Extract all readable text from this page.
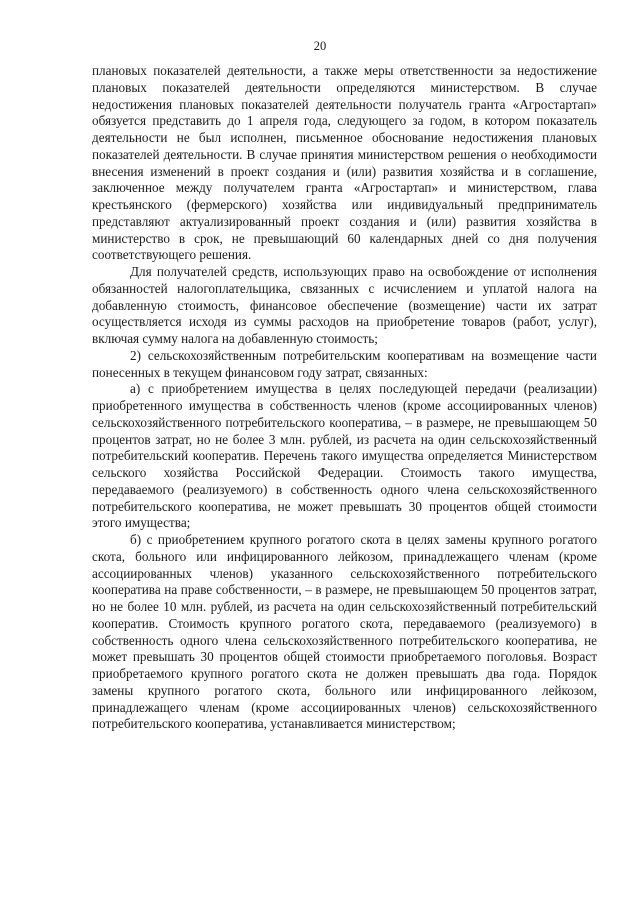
20

плановых показателей деятельности, а также меры ответственности за недостижение плановых показателей деятельности определяются министерством. В случае недостижения плановых показателей деятельности получатель гранта «Агростартап» обязуется представить до 1 апреля года, следующего за годом, в котором показатель деятельности не был исполнен, письменное обоснование недостижения плановых показателей деятельности. В случае принятия министерством решения о необходимости внесения изменений в проект создания и (или) развития хозяйства и в соглашение, заключенное между получателем гранта «Агростартап» и министерством, глава крестьянского (фермерского) хозяйства или индивидуальный предприниматель представляют актуализированный проект создания и (или) развития хозяйства в министерство в срок, не превышающий 60 календарных дней со дня получения соответствующего решения.

Для получателей средств, использующих право на освобождение от исполнения обязанностей налогоплательщика, связанных с исчислением и уплатой налога на добавленную стоимость, финансовое обеспечение (возмещение) части их затрат осуществляется исходя из суммы расходов на приобретение товаров (работ, услуг), включая сумму налога на добавленную стоимость;

2) сельскохозяйственным потребительским кооперативам на возмещение части понесенных в текущем финансовом году затрат, связанных:

а) с приобретением имущества в целях последующей передачи (реализации) приобретенного имущества в собственность членов (кроме ассоциированных членов) сельскохозяйственного потребительского кооператива, – в размере, не превышающем 50 процентов затрат, но не более 3 млн. рублей, из расчета на один сельскохозяйственный потребительский кооператив. Перечень такого имущества определяется Министерством сельского хозяйства Российской Федерации. Стоимость такого имущества, передаваемого (реализуемого) в собственность одного члена сельскохозяйственного потребительского кооператива, не может превышать 30 процентов общей стоимости этого имущества;

б) с приобретением крупного рогатого скота в целях замены крупного рогатого скота, больного или инфицированного лейкозом, принадлежащего членам (кроме ассоциированных членов) указанного сельскохозяйственного потребительского кооператива на праве собственности, – в размере, не превышающем 50 процентов затрат, но не более 10 млн. рублей, из расчета на один сельскохозяйственный потребительский кооператив. Стоимость крупного рогатого скота, передаваемого (реализуемого) в собственность одного члена сельскохозяйственного потребительского кооператива, не может превышать 30 процентов общей стоимости приобретаемого поголовья. Возраст приобретаемого крупного рогатого скота не должен превышать два года. Порядок замены крупного рогатого скота, больного или инфицированного лейкозом, принадлежащего членам (кроме ассоциированных членов) сельскохозяйственного потребительского кооператива, устанавливается министерством;
